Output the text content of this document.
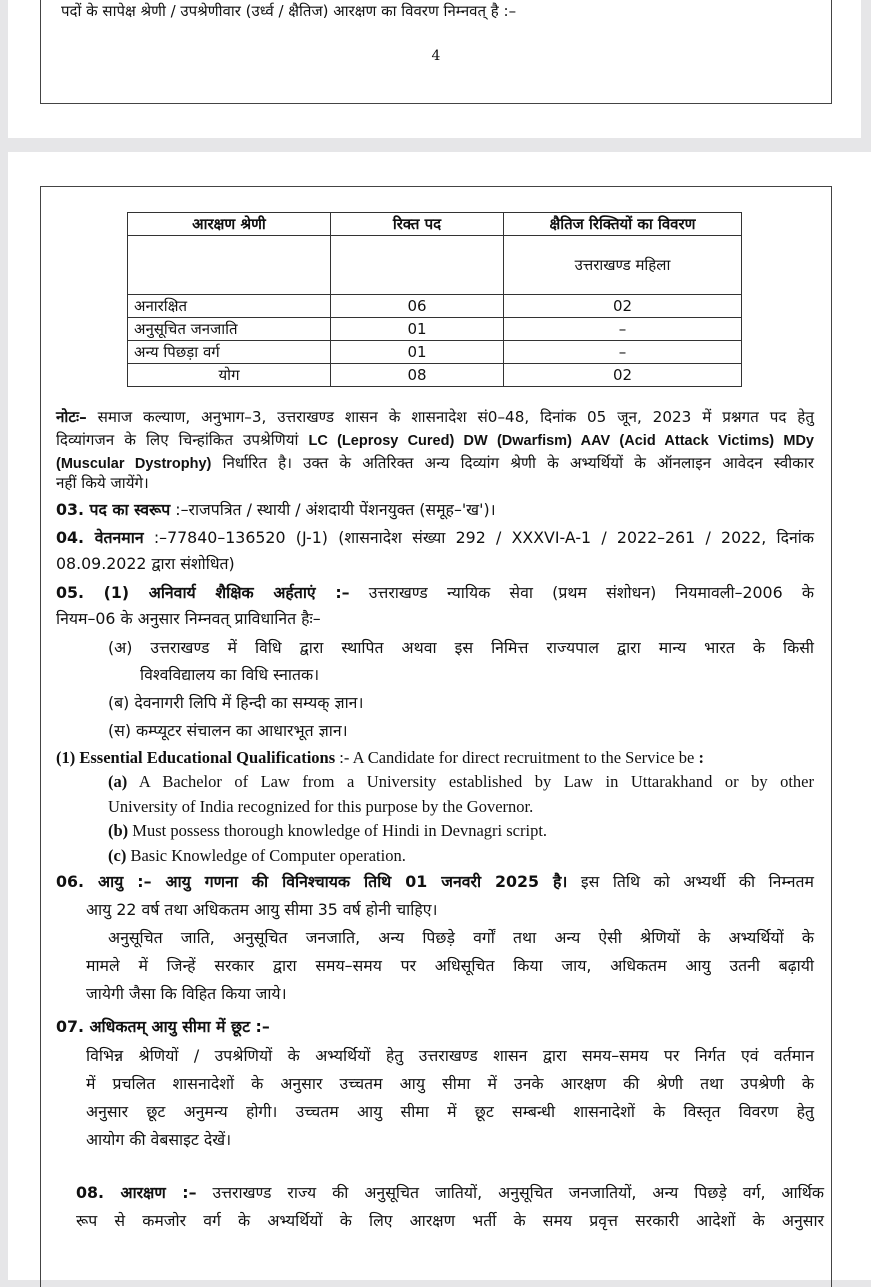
पदों के सापेक्ष श्रेणी / उपश्रेणीवार (उर्ध्व / क्षैतिज) आरक्षण का विवरण निम्नवत् है :–
4
आरक्षण श्रेणी	रिक्त पद	क्षैतिज रिक्तियों का विवरण
		उत्तराखण्ड महिला
अनारक्षित	06	02
अनुसूचित जनजाति	01	–
अन्य पिछड़ा वर्ग	01	–
योग	08	02
नोटः– समाज कल्याण, अनुभाग–3, उत्तराखण्ड शासन के शासनादेश सं0–48, दिनांक 05 जून, 2023 में प्रश्नगत पद हेतु
दिव्यांगजन के लिए चिन्हांकित उपश्रेणियां LC (Leprosy Cured) DW (Dwarfism) AAV (Acid Attack Victims) MDy
(Muscular Dystrophy) निर्धारित है। उक्त के अतिरिक्त अन्य दिव्यांग श्रेणी के अभ्यर्थियों के ऑनलाइन आवेदन स्वीकार
नहीं किये जायेंगे।
03. पद का स्वरूप :–राजपत्रित / स्थायी / अंशदायी पेंशनयुक्त (समूह–'ख')।
04. वेतनमान :–77840–136520 (J-1) (शासनादेश संख्या 292 / XXXVI-A-1 / 2022–261 / 2022, दिनांक
08.09.2022 द्वारा संशोधित)
05. (1) अनिवार्य शैक्षिक अर्हताएं :– उत्तराखण्ड न्यायिक सेवा (प्रथम संशोधन) नियमावली–2006 के
नियम–06 के अनुसार निम्नवत् प्राविधानित हैः–
(अ) उत्तराखण्ड में विधि द्वारा स्थापित अथवा इस निमित्त राज्यपाल द्वारा मान्य भारत के किसी
विश्वविद्यालय का विधि स्नातक।
(ब) देवनागरी लिपि में हिन्दी का सम्यक् ज्ञान।
(स) कम्प्यूटर संचालन का आधारभूत ज्ञान।
(1) Essential Educational Qualifications :- A Candidate for direct recruitment to the Service be :
(a) A Bachelor of Law from a University established by Law in Uttarakhand or by other
University of India recognized for this purpose by the Governor.
(b) Must possess thorough knowledge of Hindi in Devnagri script.
(c) Basic Knowledge of Computer operation.
06. आयु :– आयु गणना की विनिश्चायक तिथि 01 जनवरी 2025 है। इस तिथि को अभ्यर्थी की निम्नतम
आयु 22 वर्ष तथा अधिकतम आयु सीमा 35 वर्ष होनी चाहिए।
अनुसूचित जाति, अनुसूचित जनजाति, अन्य पिछड़े वर्गों तथा अन्य ऐसी श्रेणियों के अभ्यर्थियों के
मामले में जिन्हें सरकार द्वारा समय–समय पर अधिसूचित किया जाय, अधिकतम आयु उतनी बढ़ायी
जायेगी जैसा कि विहित किया जाये।
07. अधिकतम् आयु सीमा में छूट :–
विभिन्न श्रेणियों / उपश्रेणियों के अभ्यर्थियों हेतु उत्तराखण्ड शासन द्वारा समय–समय पर निर्गत एवं वर्तमान
में प्रचलित शासनादेशों के अनुसार उच्चतम आयु सीमा में उनके आरक्षण की श्रेणी तथा उपश्रेणी के
अनुसार छूट अनुमन्य होगी। उच्चतम आयु सीमा में छूट सम्बन्धी शासनादेशों के विस्तृत विवरण हेतु
आयोग की वेबसाइट देखें।
08. आरक्षण :– उत्तराखण्ड राज्य की अनुसूचित जातियों, अनुसूचित जनजातियों, अन्य पिछड़े वर्ग, आर्थिक
रूप से कमजोर वर्ग के अभ्यर्थियों के लिए आरक्षण भर्ती के समय प्रवृत्त सरकारी आदेशों के अनुसार
